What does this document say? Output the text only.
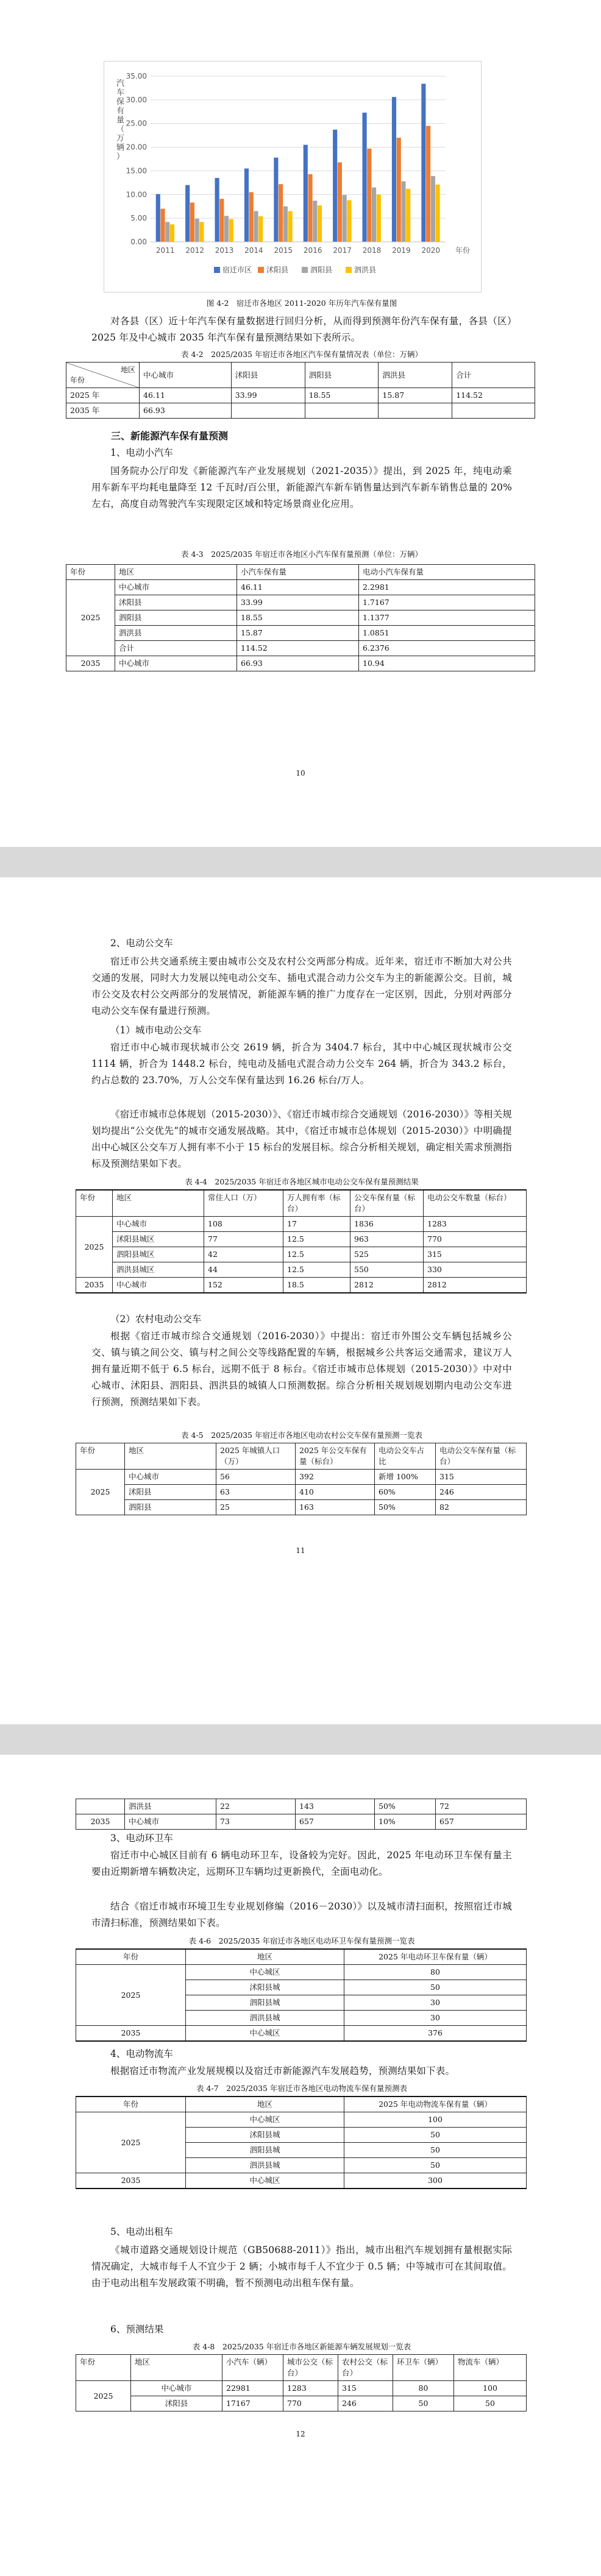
0.00
5.00
10.00
15.00
20.00
25.00
30.00
35.00
汽车保有量（万辆）
2011 2012 2013 2014 2015 2016 2017 2018 2019 2020 年份
宿迁市区 沭阳县	泗阳县	泗洪县
图 4-2　宿迁市各地区 2011-2020 年历年汽车保有量图
对各县（区）近十年汽车保有量数据进行回归分析，从而得到预测年份汽车保有量，各县（区）2025 年及中心城市 2035 年汽车保有量预测结果如下表所示。
表 4-2　2025/2035 年宿迁市各地区汽车保有量情况表（单位：万辆）
地区
年份	中心城市	沭阳县	泗阳县	泗洪县	合计
2025 年	46.11	33.99	18.55	15.87	114.52
2035 年	66.93				
三、新能源汽车保有量预测
1、电动小汽车
国务院办公厅印发《新能源汽车产业发展规划（2021-2035）》提出，到 2025 年，纯电动乘用车新车平均耗电量降至 12 千瓦时/百公里，新能源汽车新车销售量达到汽车新车销售总量的 20%左右，高度自动驾驶汽车实现限定区域和特定场景商业化应用。
表 4-3　2025/2035 年宿迁市各地区小汽车保有量预测（单位：万辆）
年份	地区	小汽车保有量	电动小汽车保有量
2025	中心城市	46.11	2.2981
	沭阳县	33.99	1.7167
	泗阳县	18.55	1.1377
	泗洪县	15.87	1.0851
	合计	114.52	6.2376
2035	中心城市	66.93	10.94
10
2、电动公交车
宿迁市公共交通系统主要由城市公交及农村公交两部分构成。近年来，宿迁市不断加大对公共交通的发展，同时大力发展以纯电动公交车、插电式混合动力公交车为主的新能源公交。目前，城市公交及农村公交两部分的发展情况，新能源车辆的推广力度存在一定区别，因此，分别对两部分电动公交车保有量进行预测。
（1）城市电动公交车
宿迁市中心城市现状城市公交 2619 辆，折合为 3404.7 标台，其中中心城区现状城市公交 1114 辆，折合为 1448.2 标台，纯电动及插电式混合动力公交车 264 辆，折合为 343.2 标台，约占总数的 23.70%，万人公交车保有量达到 16.26 标台/万人。
《宿迁市城市总体规划（2015-2030）》、《宿迁市城市综合交通规划（2016-2030）》等相关规划均提出“公交优先”的城市交通发展战略。其中，《宿迁市城市总体规划（2015-2030）》中明确提出中心城区公交车万人拥有率不小于 15 标台的发展目标。综合分析相关规划，确定相关需求预测指标及预测结果如下表。
表 4-4　2025/2035 年宿迁市各地区城市电动公交车保有量预测结果
年份	地区	常住人口（万）	万人拥有率（标台）	公交车保有量（标台）	电动公交车数量（标台）
2025	中心城市	108	17	1836	1283
	沭阳县城区	77	12.5	963	770
	泗阳县城区	42	12.5	525	315
	泗洪县城区	44	12.5	550	330
2035	中心城市	152	18.5	2812	2812
（2）农村电动公交车
根据《宿迁市城市综合交通规划（2016-2030）》中提出：宿迁市外围公交车辆包括城乡公交、镇与镇之间公交、镇与村之间公交等线路配置的车辆，根据城乡公共客运交通需求，建议万人拥有量近期不低于 6.5 标台，远期不低于 8 标台。《宿迁市城市总体规划（2015-2030）》中对中心城市、沭阳县、泗阳县、泗洪县的城镇人口预测数据。综合分析相关规划规划期内电动公交车进行预测，预测结果如下表。
表 4-5　2025/2035 年宿迁市各地区电动农村公交车保有量预测一览表
年份	地区	2025 年城镇人口（万）	2025 年公交车保有量（标台）	电动公交车占比	电动公交车保有量（标台）
2025	中心城市	56	392	新增 100%	315
	沭阳县	63	410	60%	246
	泗阳县	25	163	50%	82
11
	泗洪县	22	143	50%	72
2035	中心城市	73	657	10%	657
3、电动环卫车
宿迁市中心城区目前有 6 辆电动环卫车，设备较为完好。因此，2025 年电动环卫车保有量主要由近期新增车辆数决定，远期环卫车辆均过更新换代，全面电动化。
结合《宿迁市城市环境卫生专业规划修编（2016－2030）》以及城市清扫面积，按照宿迁市城市清扫标准，预测结果如下表。
表 4-6　2025/2035 年宿迁市各地区电动环卫车保有量预测一览表
年份	地区	2025 年电动环卫车保有量（辆）
2025	中心城区	80
	沭阳县城	50
	泗阳县城	30
	泗洪县城	30
2035	中心城区	376
4、电动物流车
根据宿迁市物流产业发展规模以及宿迁市新能源汽车发展趋势，预测结果如下表。
表 4-7　2025/2035 年宿迁市各地区电动物流车保有量预测表
年份	地区	2025 年电动物流车保有量（辆）
2025	中心城区	100
	沭阳县城	50
	泗阳县城	50
	泗洪县城	50
2035	中心城区	300
5、电动出租车
《城市道路交通规划设计规范（GB50688-2011）》指出，城市出租汽车规划拥有量根据实际情况确定，大城市每千人不宜少于 2 辆；小城市每千人不宜少于 0.5 辆；中等城市可在其间取值。由于电动出租车发展政策不明确，暂不预测电动出租车保有量。
6、预测结果
表 4-8　2025/2035 年宿迁市各地区新能源车辆发展规划一览表
年份	地区	小汽车（辆）	城市公交（标台）	农村公交（标台）	环卫车（辆）	物流车（辆）
2025	中心城市	22981	1283	315	80	100
	沭阳县	17167	770	246	50	50
12
